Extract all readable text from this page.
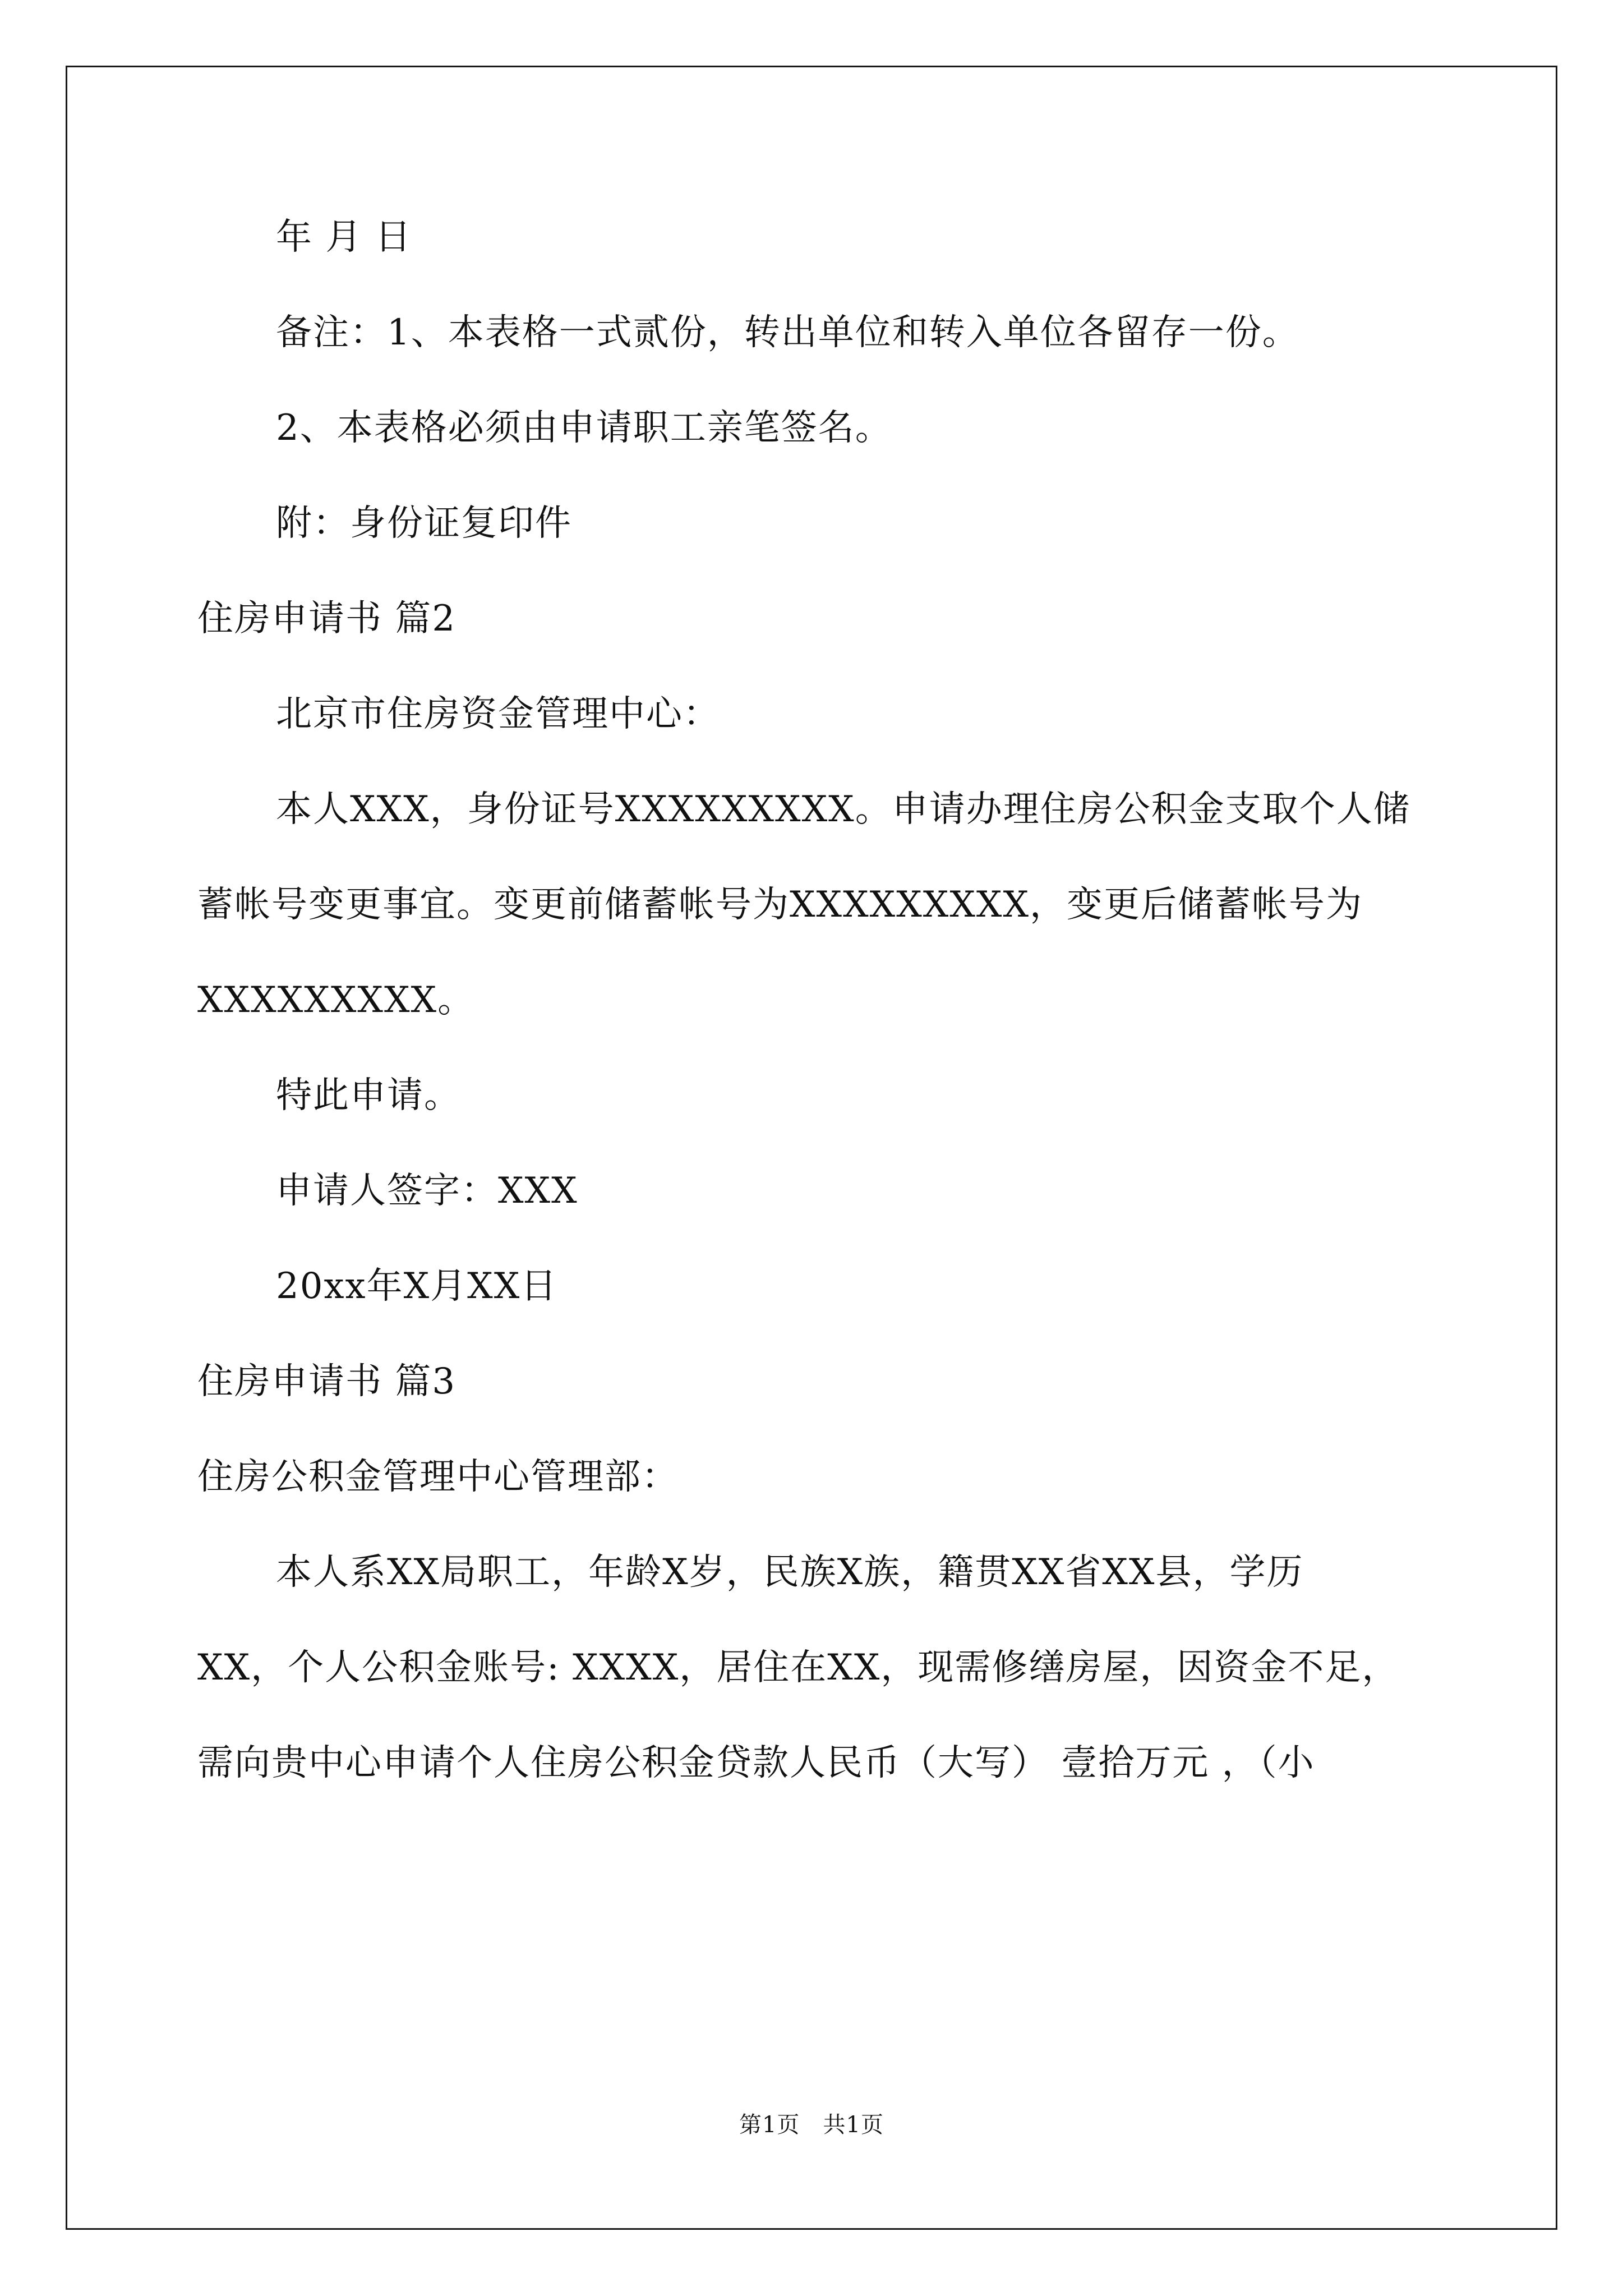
年 月 日
备注：1、本表格一式贰份，转出单位和转入单位各留存一份。
2、本表格必须由申请职工亲笔签名。
附：身份证复印件
住房申请书 篇2
北京市住房资金管理中心：
本人XXX，身份证号XXXXXXXXX。申请办理住房公积金支取个人储
蓄帐号变更事宜。变更前储蓄帐号为XXXXXXXXX，变更后储蓄帐号为
XXXXXXXXX。
特此申请。
申请人签字：XXX
20xx年X月XX日
住房申请书 篇3
住房公积金管理中心管理部：
本人系XX局职工，年龄X岁，民族X族，籍贯XX省XX县，学历
XX，个人公积金账号: XXXX，居住在XX，现需修缮房屋，因资金不足，
需向贵中心申请个人住房公积金贷款人民币（大写） 壹拾万元 ，（小
第1页   共1页
